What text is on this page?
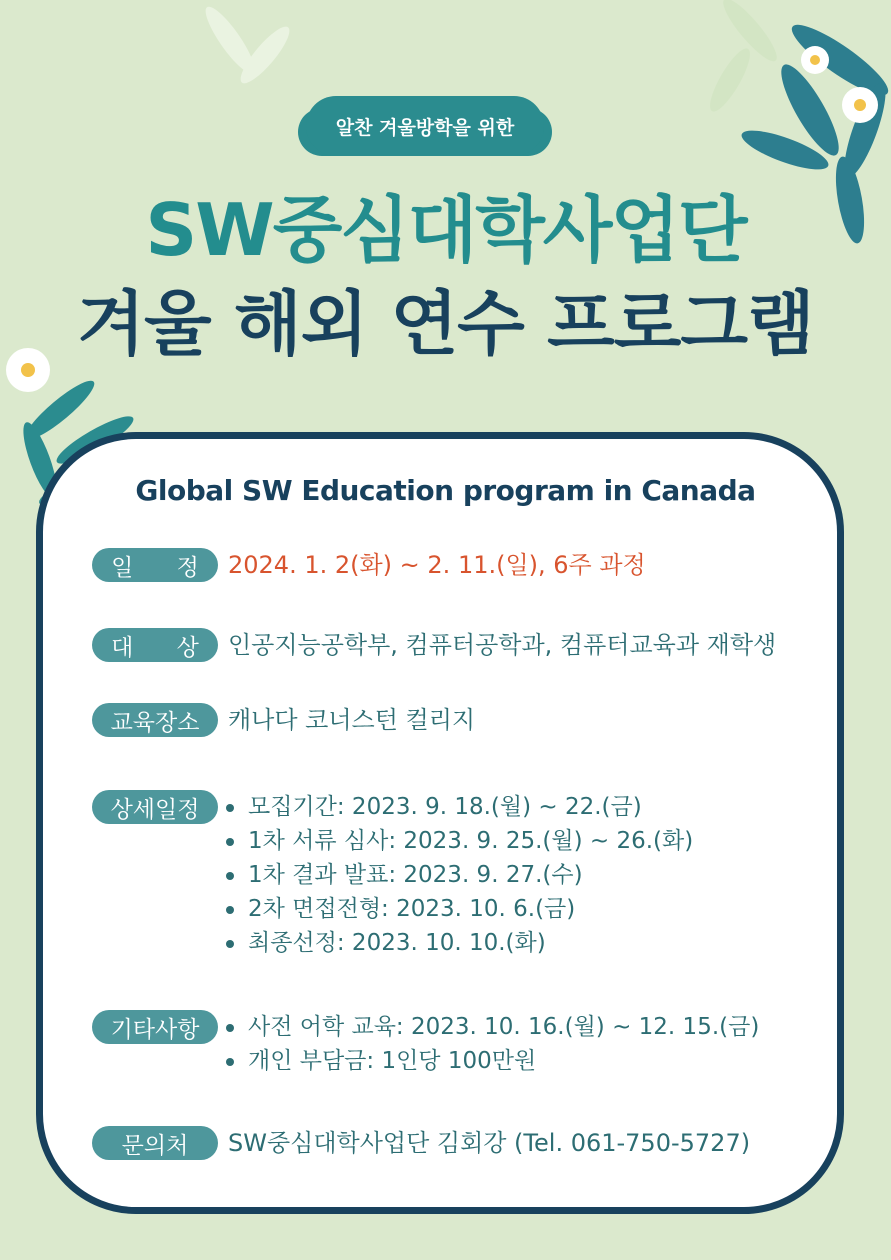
알찬 겨울방학을 위한
SW중심대학사업단
겨울 해외 연수 프로그램
Global SW Education program in Canada
일 정 2024. 1. 2(화) ~ 2. 11.(일), 6주 과정
대 상 인공지능공학부, 컴퓨터공학과, 컴퓨터교육과 재학생
교육장소	캐나다 코너스턴 컬리지
상세일정	모집기간: 2023. 9. 18.(월) ~ 22.(금)
1차 서류 심사: 2023. 9. 25.(월) ~ 26.(화)
1차 결과 발표: 2023. 9. 27.(수)
2차 면접전형: 2023. 10. 6.(금)
최종선정: 2023. 10. 10.(화)
기타사항	사전 어학 교육: 2023. 10. 16.(월) ~ 12. 15.(금)
개인 부담금: 1인당 100만원
문의처	SW중심대학사업단 김회강 (Tel. 061-750-5727)
